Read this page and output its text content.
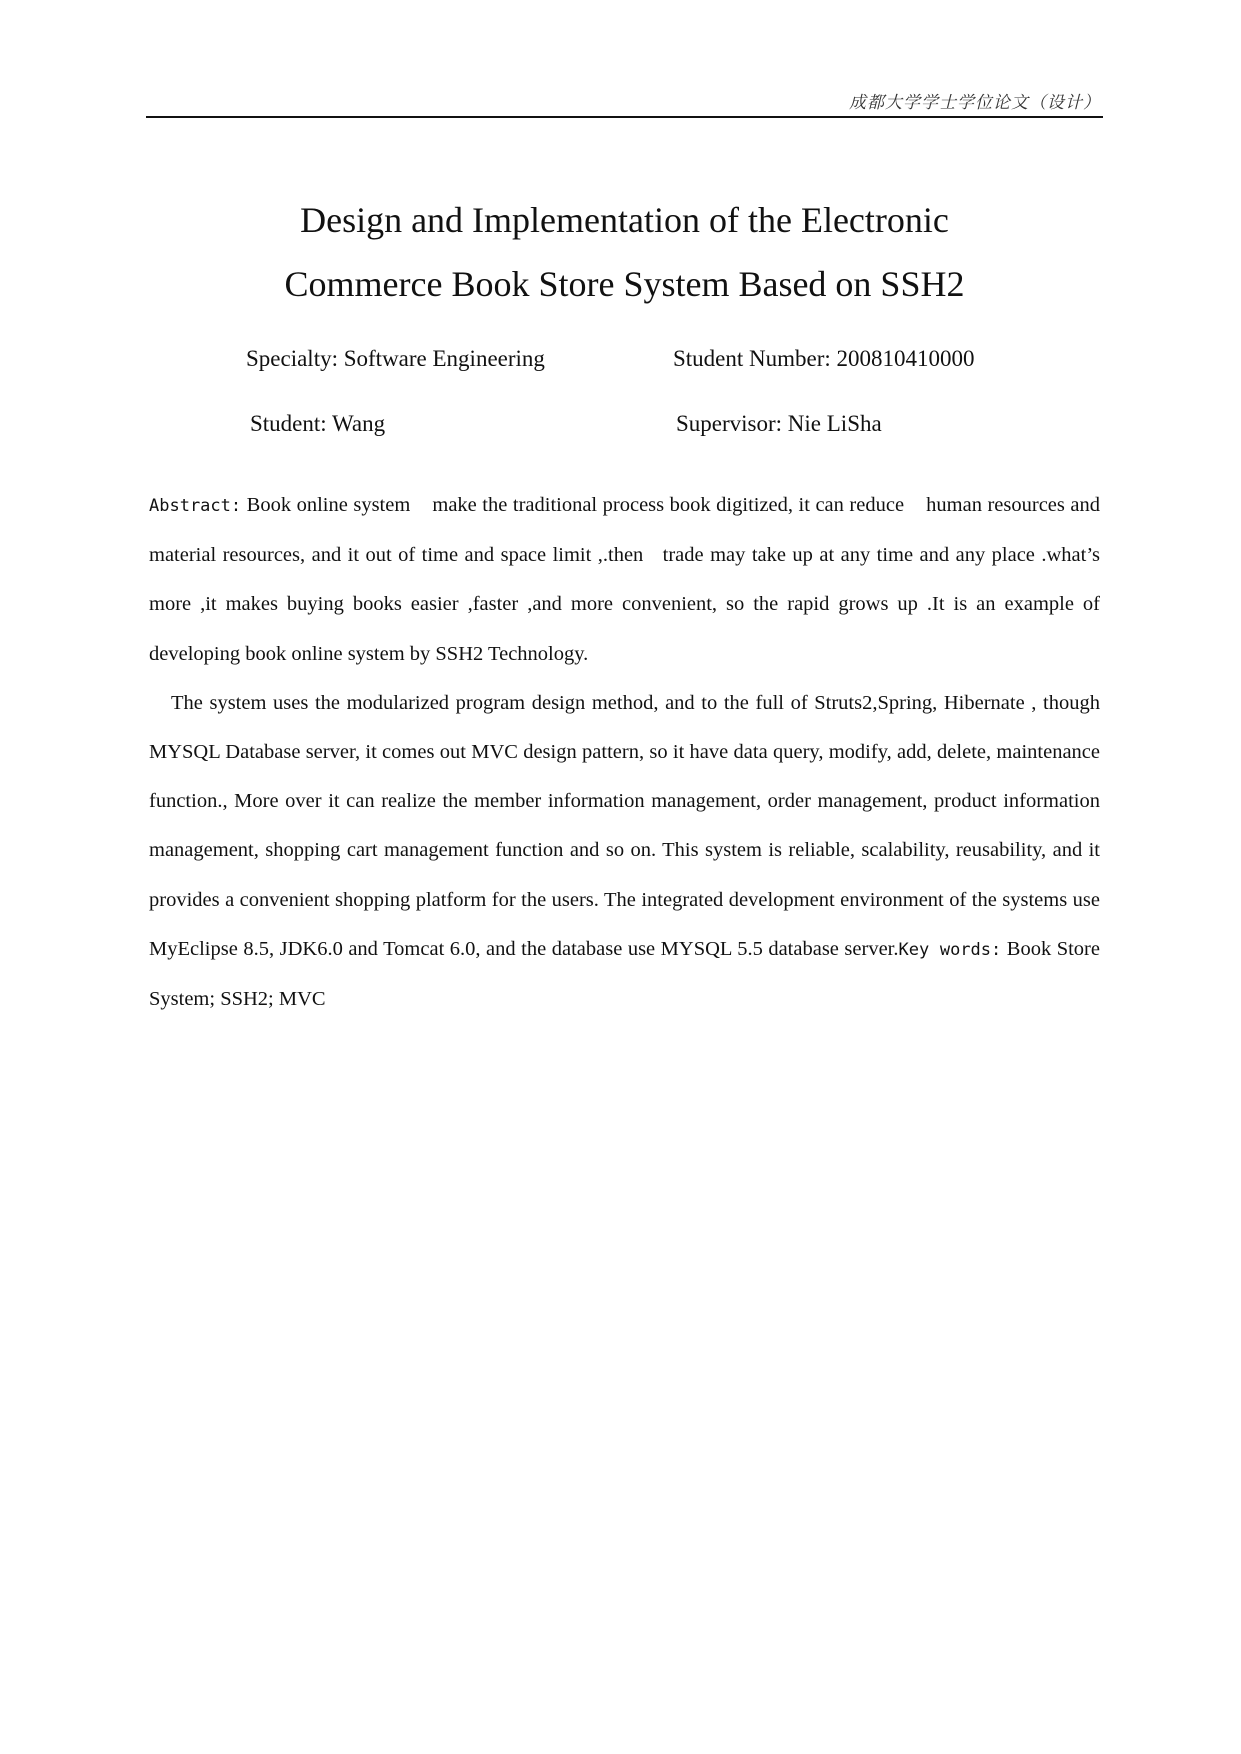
成都大学学士学位论文（设计）
Design and Implementation of the Electronic
Commerce Book Store System Based on SSH2
Specialty: Software Engineering	Student Number: 200810410000
Student: Wang	Supervisor: Nie LiSha

Abstract: Book online system    make the traditional process book digitized, it can reduce    human resources and material resources, and it out of time and space limit ,.then   trade may take up at any time and any place .what’s more ,it makes buying books easier ,faster ,and more convenient, so the rapid grows up .It is an example of developing book online system by SSH2 Technology.

The system uses the modularized program design method, and to the full of Struts2,Spring, Hibernate , though MYSQL Database server, it comes out MVC design pattern, so it have data query, modify, add, delete, maintenance function., More over it can realize the member information management, order management, product information management, shopping cart management function and so on. This system is reliable, scalability, reusability, and it provides a convenient shopping platform for the users. The integrated development environment of the systems use MyEclipse 8.5, JDK6.0 and Tomcat 6.0, and the database use MYSQL 5.5 database server.Key words: Book Store System; SSH2; MVC
